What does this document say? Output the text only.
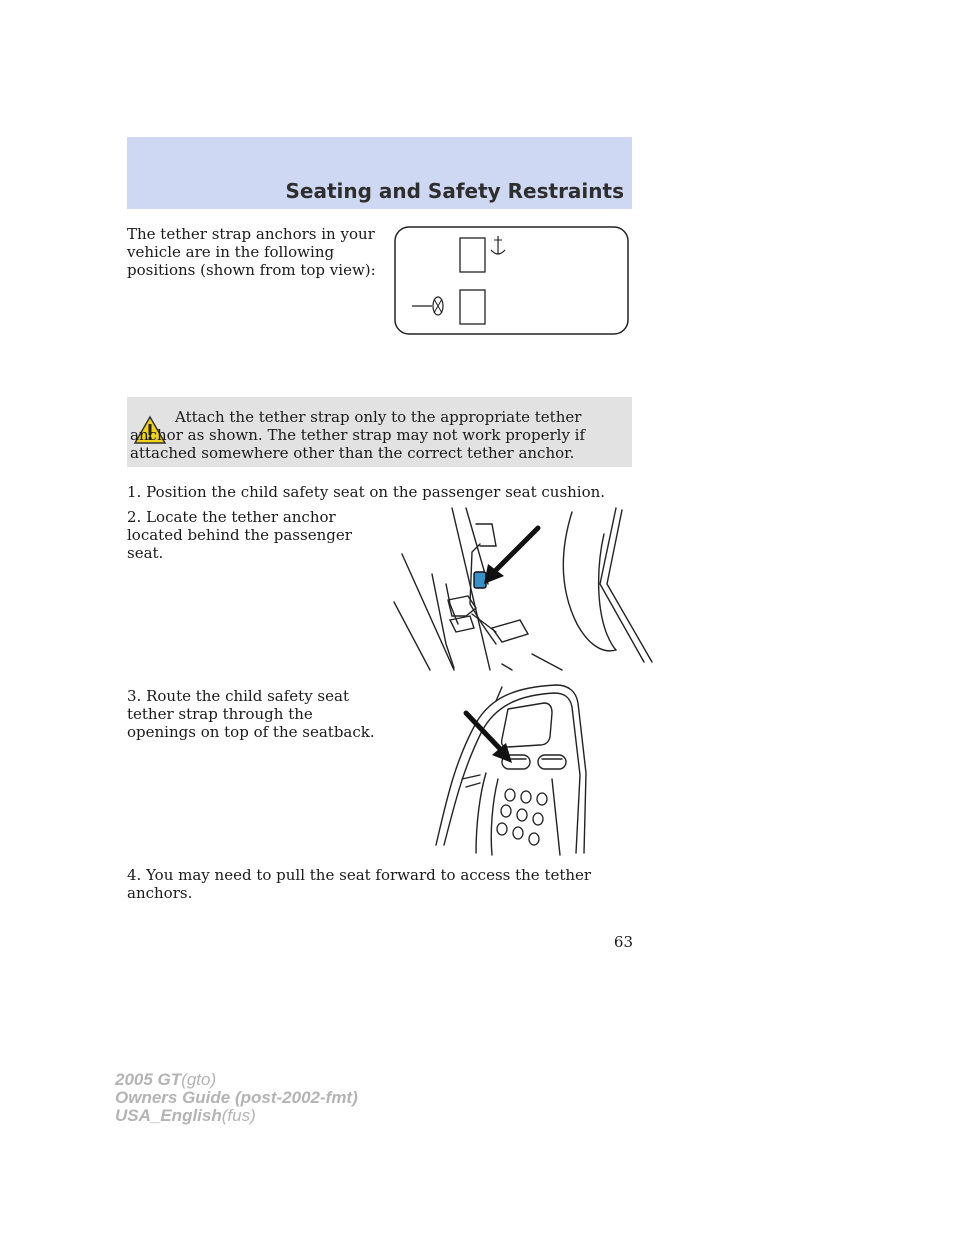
Seating and Safety Restraints

The tether strap anchors in your vehicle are in the following positions (shown from top view):

Attach the tether strap only to the appropriate tether anchor as shown. The tether strap may not work properly if attached somewhere other than the correct tether anchor.

1. Position the child safety seat on the passenger seat cushion.

2. Locate the tether anchor located behind the passenger seat.

3. Route the child safety seat tether strap through the openings on top of the seatback.

4. You may need to pull the seat forward to access the tether anchors.

63
2005 GT(gto)
Owners Guide (post-2002-fmt)
USA_English(fus)
